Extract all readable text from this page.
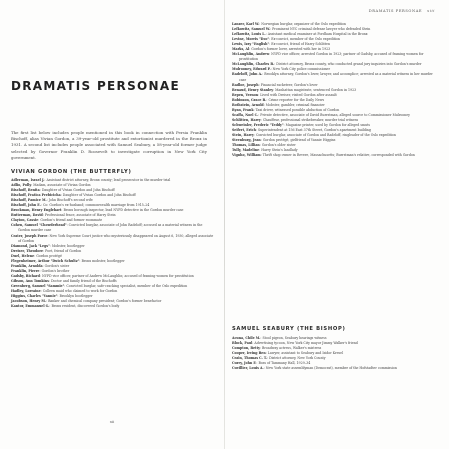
DRAMATIS PERSONAE

The first list below includes people mentioned in this book in connection with Persia Franklin Bischoff, alias Vivian Gordon, a 39-year-old prostitute and extortionist murdered in the Bronx in 1931. A second list includes people associated with Samuel Seabury, a 58-year-old former judge selected by Governor Franklin D. Roosevelt to investigate corruption in New York City government.

VIVIAN GORDON (THE BUTTERFLY)
Adlerman, Israel J.: Assistant district attorney, Bronx county; lead prosecutor in the murder trial
Adlio, Polly: Madam, associate of Vivian Gordon
Bischoff, Benita: Daughter of Vivian Gordon and John Bischoff
Bischoff, Fratica Prebicicha: Daughter of Vivian Gordon and John Bischoff
Bischoff, Pamice M.: John Bischoff's second wife
Bischoff, John E.: Co: Gordon's ex-husband; commonwealth marriage from 1915–24
Brockman, Henry Englehart: Bronx borough inspector, lead NYPD detective in the Gordon murder case
Butterman, David: Professional fence, associate of Harry Stein
Clayton, Cassie: Gordon's friend and former roommate
Cohen, Samuel "Chowderhead": Convicted burglar, associate of John Radeloff; accused as a material witness in the Gordon murder case
Crater, Joseph Force: New York Supreme Court justice who mysteriously disappeared on August 6, 1930, alleged associate of Gordon
Diamond, Jack "Legs": Mobster, bootlegger
Dreiser, Theodore: Poet, friend of Gordon
Duel, Helene: Gordon protégé
Flegenheimer, Arthur "Dutch Schultz": Bronx mobster, bootlegger
Franklin, Arnolda: Gordon's sister
Franklin, Pierre: Gordon's brother
Gadsby, Richard: NYPD vice officer, partner of Andrew McLaughlin; accused of framing women for prostitution
Gibson, Ann Tomkins: Doctor and family friend of the Bischoffs
Greenberg, Samuel "Sammie": Convicted burglar, safe-cracking specialist, member of the Oslo expedition
Hadley, Lorraine: Colleen maid who claimed to work for Gordon
Higgins, Charles "Vannie": Brooklyn bootlegger
Jacobson, Henry M.: Banker and chemical company president; Gordon's former benefactor
Kantor, Emmanuel G.: Bronx resident, discovered Gordon's body
xii
DRAMATIS PERSONAE xiii
Lanzer, Karl W.: Norwegian burglar, organizer of the Oslo expedition
Lefkowitz, Samuel W.: Prominent NYC criminal defense lawyer who defended Stein
Lefkowitz, Louis L.: Assistant medical examiner at Fordham Hospital in the Bronx
Levine, Morris "Doc": Ex-convict, member of the Oslo expedition
Lewis, Izzy "English": Ex-convict, friend of Harry Schlitten
Marks, Al: Gordon's former lover, arrested with her in 1923
McLaughlin, Andrew: NYPD vice officer, arrested Gordon in 1923; partner of Gadsby, accused of framing women for prostitution
McLaughlin, Charles B.: District attorney, Bronx county, who conducted grand jury inquiries into Gordon's murder
Mulrooney, Edward P.: New York City police commissioner
Radeloff, John A.: Brooklyn attorney, Gordon's lover, lawyer, and accomplice; arrested as a material witness in her murder case
Radloe, Joseph: Financial racketeer, Gordon's lover
Renaud, Henry Stanley: Manhattan magistrate, sentenced Gordon in 1923
Repen, Vernon: Lived with Dreiser, visited Gordon after assault
Robinson, Grace B.: Crime reporter for the Daily News
Rothstein, Arnold: Mobster, gambler, criminal financier
Ryan, Frank: Taxi driver, witnessed possible abduction of Gordon
Scaffa, Noel C.: Private detective, associate of David Burrstman, alleged source to Commissioner Mulrooney
Schlitten, Harry: Chauffeur, professional strikebreaker, murder trial witness
Schweinler, Frederic "Teddy": Magazine printer, used by Gordon for alleged smuts
Seifert, Erich: Superintendent at 156 East 37th Street, Gordon's apartment building
Stein, Harry: Convicted burglar, associate of Gordon and Radeloff, ringleader of the Oslo expedition
Steenburg, Jean: Gordon protégé, girlfriend of Vannie Higgins
Thomas, Lillian: Gordon's older sister
Tully, Madeline: Harry Stein's landlady
Vignho, William: Thrift shop owner in Revere, Massachusetts; Burrstman's relative, corresponded with Gordon
SAMUEL SEABURY (THE BISHOP)
Acuna, Chile M.: Stool pigeon, Seabury hearings witness
Block, Paul: Advertising tycoon, New York City mayor Jimmy Walker's friend
Compton, Betty: Broadway actress, Walker's mistress
Cooper, Irving Ben: Lawyer, assistant to Seabury and Isidor Kresel
Crain, Thomas C. T.: District attorney, New York County
Curry, John F.: Boss of Tammany Hall, 1929–34
Cuvillier, Louis A.: New York state assemblyman (Democrat), member of the Hofstadter commission
